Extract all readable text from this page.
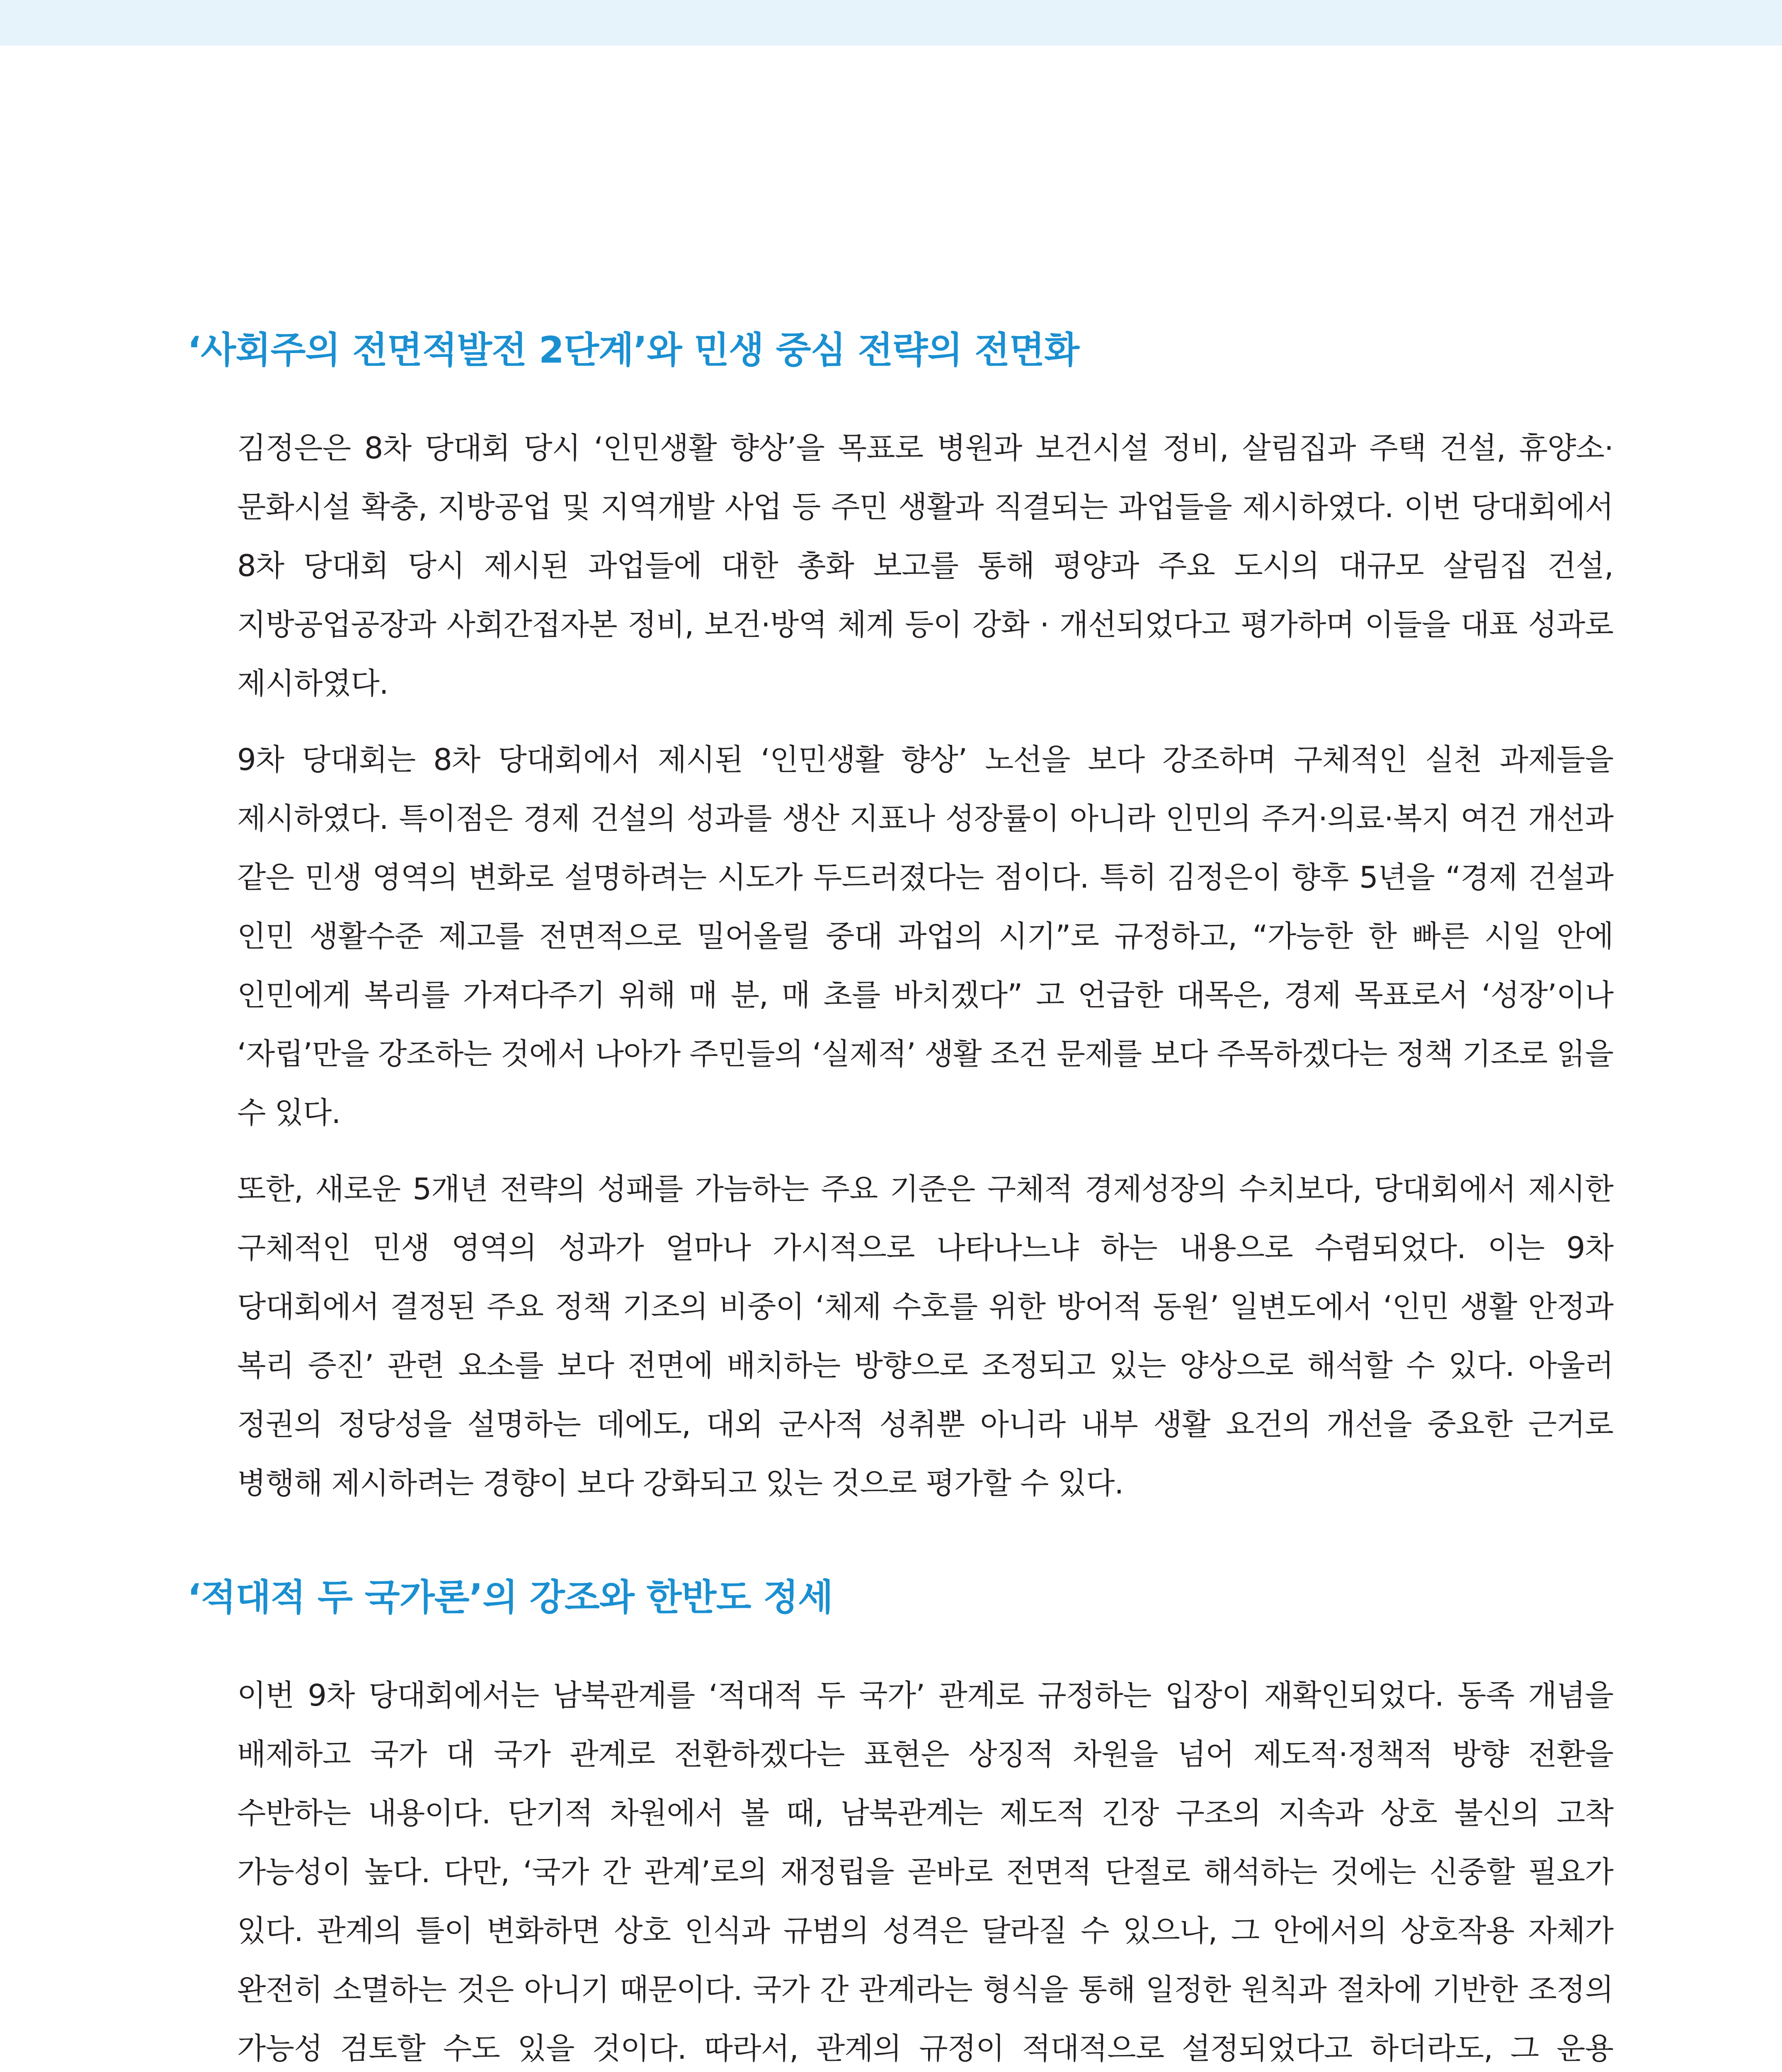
‘사회주의 전면적발전 2단계’와 민생 중심 전략의 전면화

김정은은 8차 당대회 당시 ‘인민생활 향상’을 목표로 병원과 보건시설 정비, 살림집과 주택 건설, 휴양소·문화시설 확충, 지방공업 및 지역개발 사업 등 주민 생활과 직결되는 과업들을 제시하였다. 이번 당대회에서 8차 당대회 당시 제시된 과업들에 대한 총화 보고를 통해 평양과 주요 도시의 대규모 살림집 건설, 지방공업공장과 사회간접자본 정비, 보건·방역 체계 등이 강화 · 개선되었다고 평가하며 이들을 대표 성과로 제시하였다.

9차 당대회는 8차 당대회에서 제시된 ‘인민생활 향상’ 노선을 보다 강조하며 구체적인 실천 과제들을 제시하였다. 특이점은 경제 건설의 성과를 생산 지표나 성장률이 아니라 인민의 주거·의료·복지 여건 개선과 같은 민생 영역의 변화로 설명하려는 시도가 두드러졌다는 점이다. 특히 김정은이 향후 5년을 “경제 건설과 인민 생활수준 제고를 전면적으로 밀어올릴 중대 과업의 시기”로 규정하고, “가능한 한 빠른 시일 안에 인민에게 복리를 가져다주기 위해 매 분, 매 초를 바치겠다” 고 언급한 대목은, 경제 목표로서 ‘성장’이나 ‘자립’만을 강조하는 것에서 나아가 주민들의 ‘실제적’ 생활 조건 문제를 보다 주목하겠다는 정책 기조로 읽을 수 있다.

또한, 새로운 5개년 전략의 성패를 가늠하는 주요 기준은 구체적 경제성장의 수치보다, 당대회에서 제시한 구체적인 민생 영역의 성과가 얼마나 가시적으로 나타나느냐 하는 내용으로 수렴되었다. 이는 9차 당대회에서 결정된 주요 정책 기조의 비중이 ‘체제 수호를 위한 방어적 동원’ 일변도에서 ‘인민 생활 안정과 복리 증진’ 관련 요소를 보다 전면에 배치하는 방향으로 조정되고 있는 양상으로 해석할 수 있다. 아울러 정권의 정당성을 설명하는 데에도, 대외 군사적 성취뿐 아니라 내부 생활 요건의 개선을 중요한 근거로 병행해 제시하려는 경향이 보다 강화되고 있는 것으로 평가할 수 있다.

‘적대적 두 국가론’의 강조와 한반도 정세

이번 9차 당대회에서는 남북관계를 ‘적대적 두 국가’ 관계로 규정하는 입장이 재확인되었다. 동족 개념을 배제하고 국가 대 국가 관계로 전환하겠다는 표현은 상징적 차원을 넘어 제도적·정책적 방향 전환을 수반하는 내용이다. 단기적 차원에서 볼 때, 남북관계는 제도적 긴장 구조의 지속과 상호 불신의 고착 가능성이 높다. 다만, ‘국가 간 관계’로의 재정립을 곧바로 전면적 단절로 해석하는 것에는 신중할 필요가 있다. 관계의 틀이 변화하면 상호 인식과 규범의 성격은 달라질 수 있으나, 그 안에서의 상호작용 자체가 완전히 소멸하는 것은 아니기 때문이다. 국가 간 관계라는 형식을 통해 일정한 원칙과 절차에 기반한 조정의 가능성 검토할 수도 있을 것이다. 따라서, 관계의 규정이 적대적으로 설정되었다고 하더라도, 그 운용
